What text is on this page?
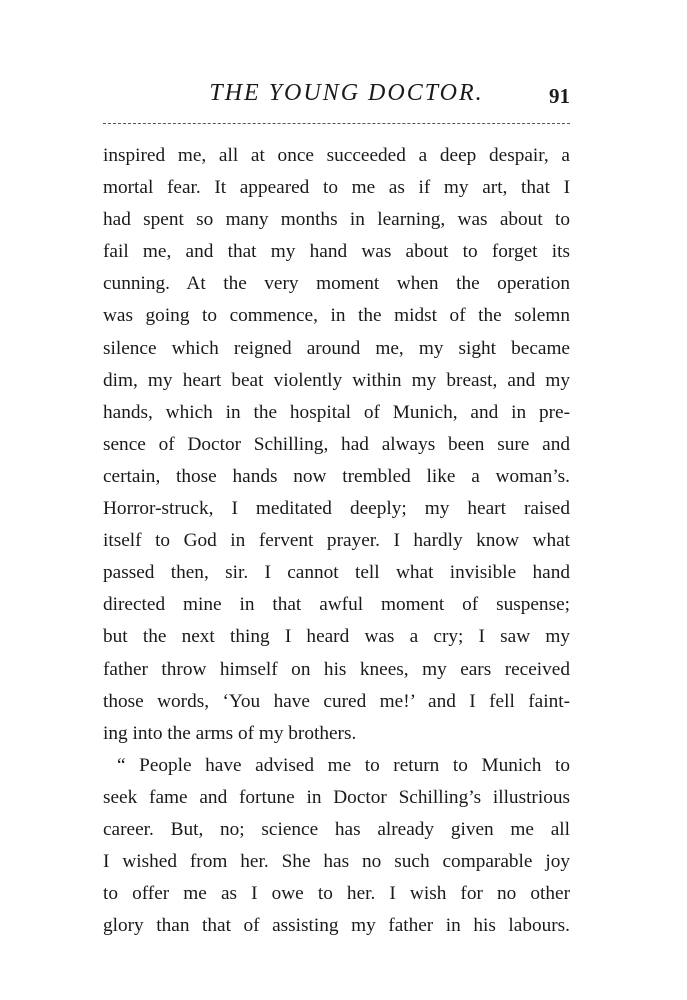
THE YOUNG DOCTOR.	91
inspired me, all at once succeeded a deep despair, a
mortal fear. It appeared to me as if my art, that I
had spent so many months in learning, was about to
fail me, and that my hand was about to forget its
cunning. At the very moment when the operation
was going to commence, in the midst of the solemn
silence which reigned around me, my sight became
dim, my heart beat violently within my breast, and my
hands, which in the hospital of Munich, and in pre-
sence of Doctor Schilling, had always been sure and
certain, those hands now trembled like a woman’s.
Horror-struck, I meditated deeply; my heart raised
itself to God in fervent prayer. I hardly know what
passed then, sir. I cannot tell what invisible hand
directed mine in that awful moment of suspense;
but the next thing I heard was a cry; I saw my
father throw himself on his knees, my ears received
those words, ‘You have cured me!’ and I fell faint-
ing into the arms of my brothers.
“ People have advised me to return to Munich to
seek fame and fortune in Doctor Schilling’s illustrious
career. But, no; science has already given me all
I wished from her. She has no such comparable joy
to offer me as I owe to her. I wish for no other
glory than that of assisting my father in his labours.
